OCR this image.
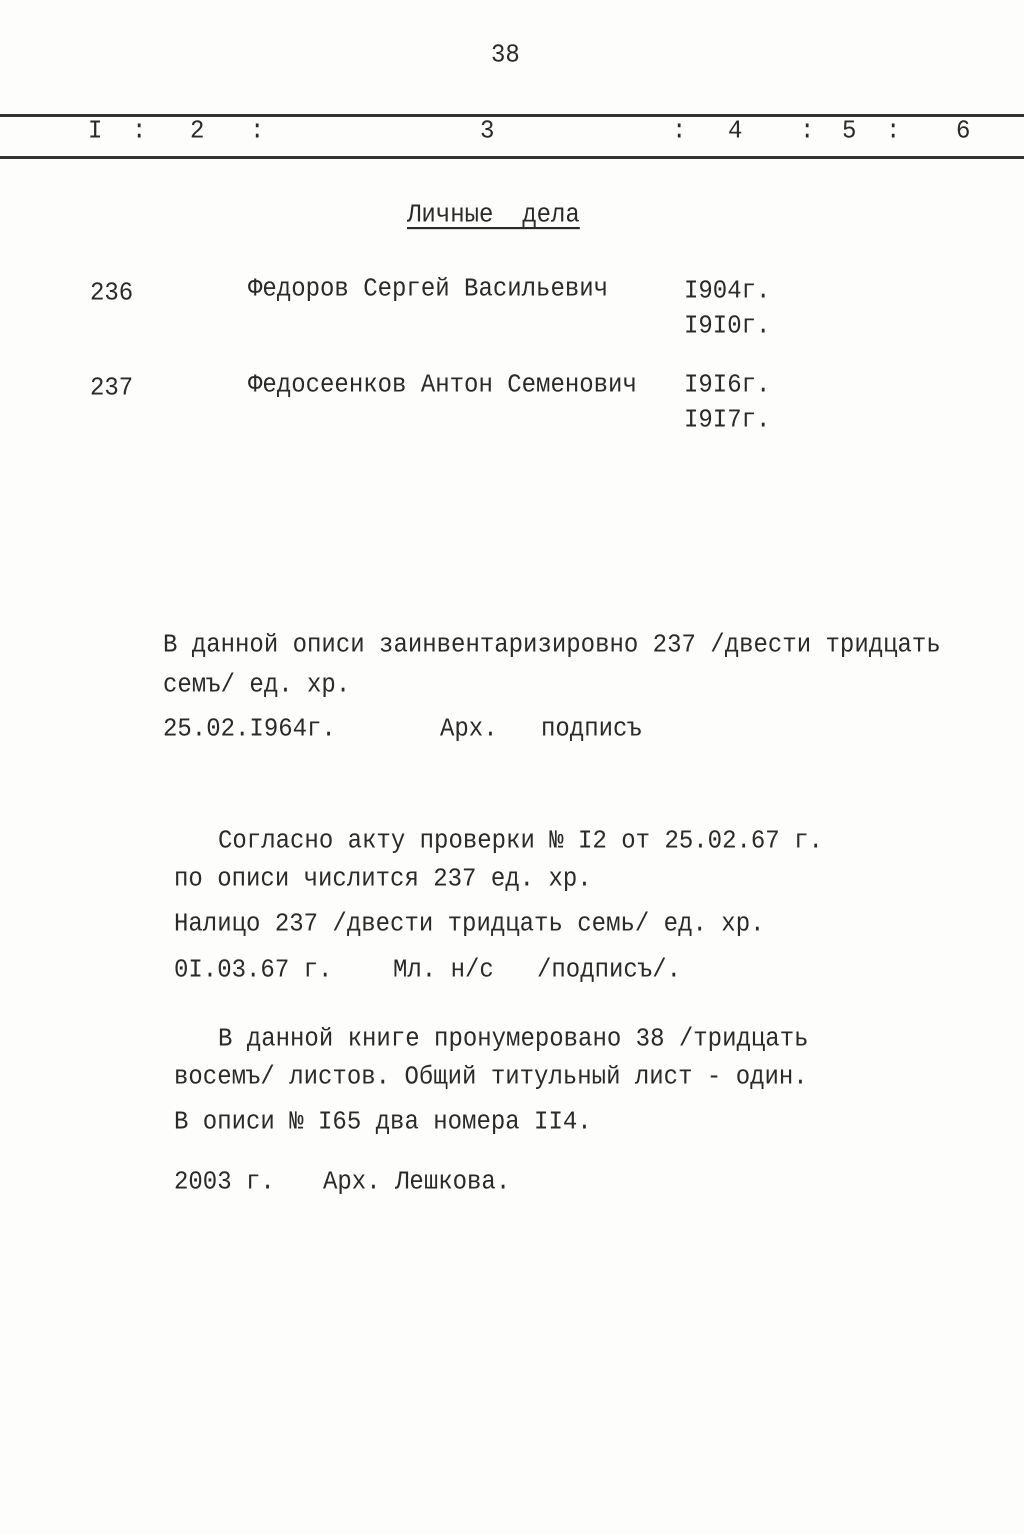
38
I : 2 :	3	: 4 : 5 : 6
Личные  дела
236	Федоров Сергей Васильевич	I904г.
I9I0г.
237	Федосеенков Антон Семенович I9I6г.
I9I7г.
В данной описи заинвентаризировно 237 /двести тридцать
семъ/ ед. хр.
25.02.I964г.	Арх. подписъ
Согласно акту проверки № I2 от 25.02.67 г.
по описи числится 237 ед. хр.
Налицо 237 /двести тридцать семь/ ед. хр.
0I.03.67 г.	Мл. н/с /подписъ/.
В данной книге пронумеровано 38 /тридцать
восемъ/ листов. Общий титульный лист - один.
В описи № I65 два номера II4.
2003 г. Арх. Лешкова.
